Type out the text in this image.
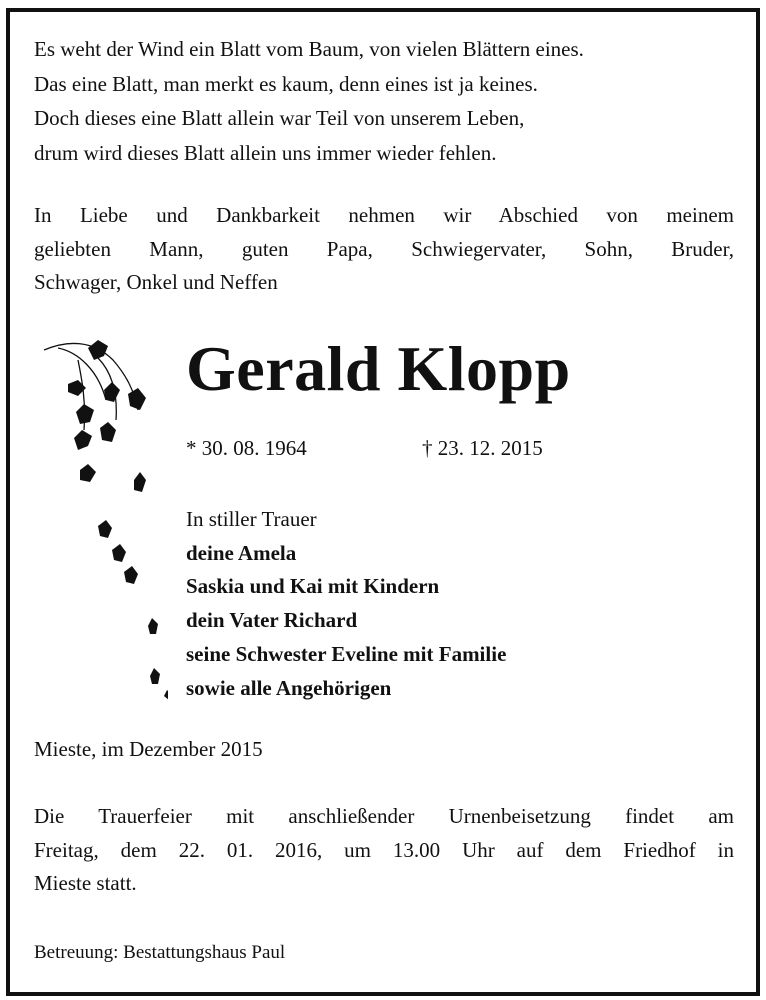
Es weht der Wind ein Blatt vom Baum, von vielen Blättern eines.
Das eine Blatt, man merkt es kaum, denn eines ist ja keines.
Doch dieses eine Blatt allein war Teil von unserem Leben,
drum wird dieses Blatt allein uns immer wieder fehlen.
In Liebe und Dankbarkeit nehmen wir Abschied von meinem
geliebten Mann, guten Papa, Schwiegervater, Sohn, Bruder,
Schwager, Onkel und Neffen
Gerald Klopp
* 30. 08. 1964	† 23. 12. 2015
In stiller Trauer
deine Amela
Saskia und Kai mit Kindern
dein Vater Richard
seine Schwester Eveline mit Familie
sowie alle Angehörigen
Mieste, im Dezember 2015
Die Trauerfeier mit anschließender Urnenbeisetzung findet am
Freitag, dem 22. 01. 2016, um 13.00 Uhr auf dem Friedhof in
Mieste statt.
Betreuung: Bestattungshaus Paul
